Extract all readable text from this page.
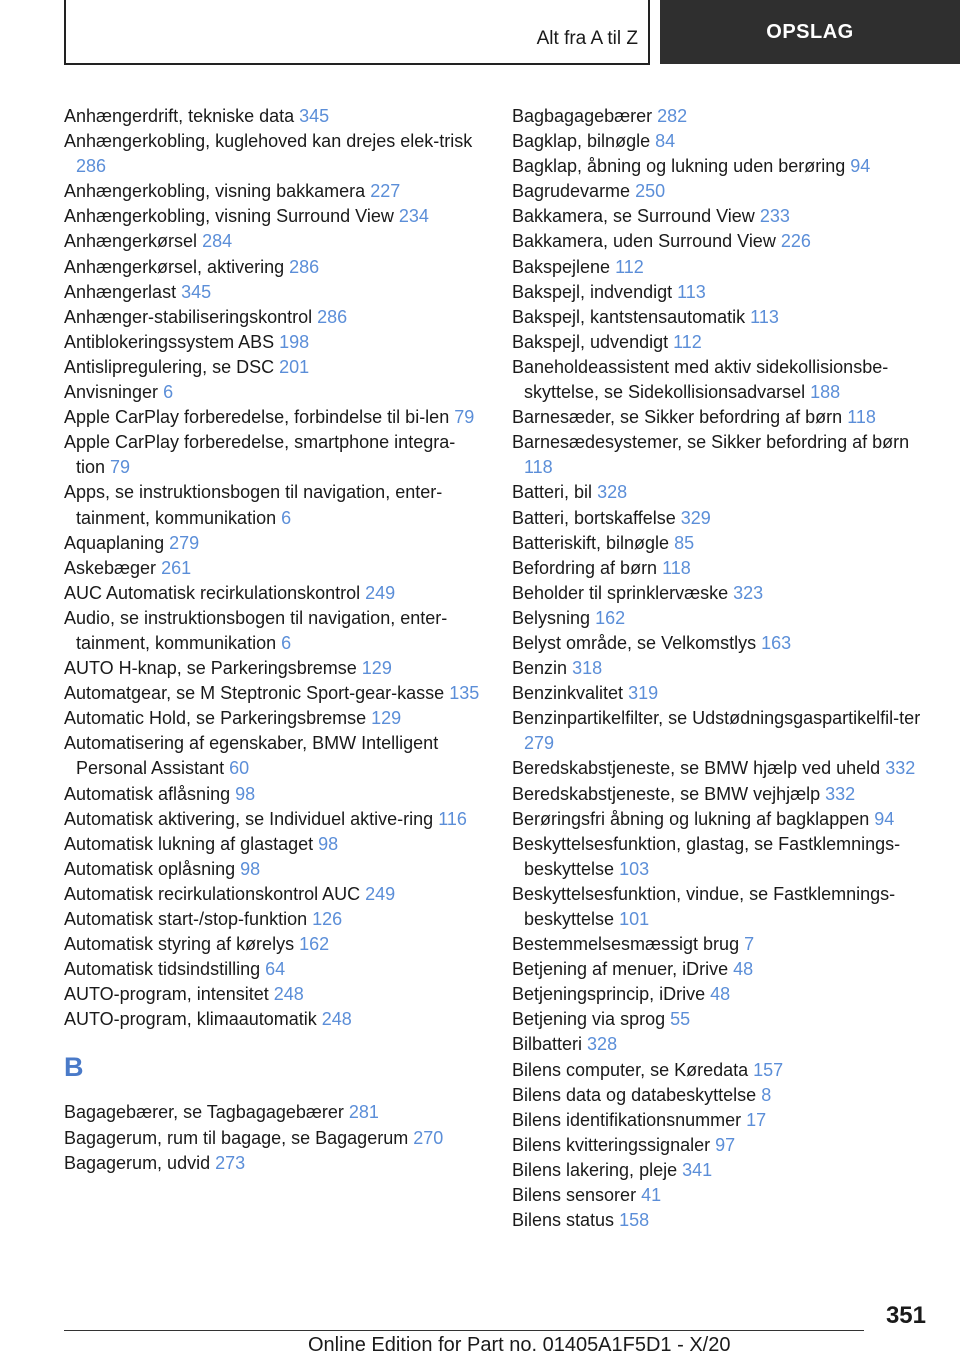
Alt fra A til Z	OPSLAG
Anhængerdrift, tekniske data 345
Anhængerkobling, kuglehoved kan drejes elek-trisk 286
Anhængerkobling, visning bakkamera 227
Anhængerkobling, visning Surround View 234
Anhængerkørsel 284
Anhængerkørsel, aktivering 286
Anhængerlast 345
Anhænger-stabiliseringskontrol 286
Antiblokeringssystem ABS 198
Antislipregulering, se DSC 201
Anvisninger 6
Apple CarPlay forberedelse, forbindelse til bi-len 79
Apple CarPlay forberedelse, smartphone integra-tion 79
Apps, se instruktionsbogen til navigation, enter-tainment, kommunikation 6
Aquaplaning 279
Askebæger 261
AUC Automatisk recirkulationskontrol 249
Audio, se instruktionsbogen til navigation, enter-tainment, kommunikation 6
AUTO H-knap, se Parkeringsbremse 129
Automatgear, se M Steptronic Sport-gear-kasse 135
Automatic Hold, se Parkeringsbremse 129
Automatisering af egenskaber, BMW Intelligent Personal Assistant 60
Automatisk aflåsning 98
Automatisk aktivering, se Individuel aktive-ring 116
Automatisk lukning af glastaget 98
Automatisk oplåsning 98
Automatisk recirkulationskontrol AUC 249
Automatisk start-/stop-funktion 126
Automatisk styring af kørelys 162
Automatisk tidsindstilling 64
AUTO-program, intensitet 248
AUTO-program, klimaautomatik 248
B
Bagagebærer, se Tagbagagebærer 281
Bagagerum, rum til bagage, se Bagagerum 270
Bagagerum, udvid 273
Bagbagagebærer 282
Bagklap, bilnøgle 84
Bagklap, åbning og lukning uden berøring 94
Bagrudevarme 250
Bakkamera, se Surround View 233
Bakkamera, uden Surround View 226
Bakspejlene 112
Bakspejl, indvendigt 113
Bakspejl, kantstensautomatik 113
Bakspejl, udvendigt 112
Baneholdeassistent med aktiv sidekollisionsbe-skyttelse, se Sidekollisionsadvarsel 188
Barnesæder, se Sikker befordring af børn 118
Barnesædesystemer, se Sikker befordring af børn 118
Batteri, bil 328
Batteri, bortskaffelse 329
Batteriskift, bilnøgle 85
Befordring af børn 118
Beholder til sprinklervæske 323
Belysning 162
Belyst område, se Velkomstlys 163
Benzin 318
Benzinkvalitet 319
Benzinpartikelfilter, se Udstødningsgaspartikelfil-ter 279
Beredskabstjeneste, se BMW hjælp ved uheld 332
Beredskabstjeneste, se BMW vejhjælp 332
Berøringsfri åbning og lukning af bagklappen 94
Beskyttelsesfunktion, glastag, se Fastklemnings-beskyttelse 103
Beskyttelsesfunktion, vindue, se Fastklemnings-beskyttelse 101
Bestemmelsesmæssigt brug 7
Betjening af menuer, iDrive 48
Betjeningsprincip, iDrive 48
Betjening via sprog 55
Bilbatteri 328
Bilens computer, se Køredata 157
Bilens data og databeskyttelse 8
Bilens identifikationsnummer 17
Bilens kvitteringssignaler 97
Bilens lakering, pleje 341
Bilens sensorer 41
Bilens status 158
351
Online Edition for Part no. 01405A1F5D1 - X/20
